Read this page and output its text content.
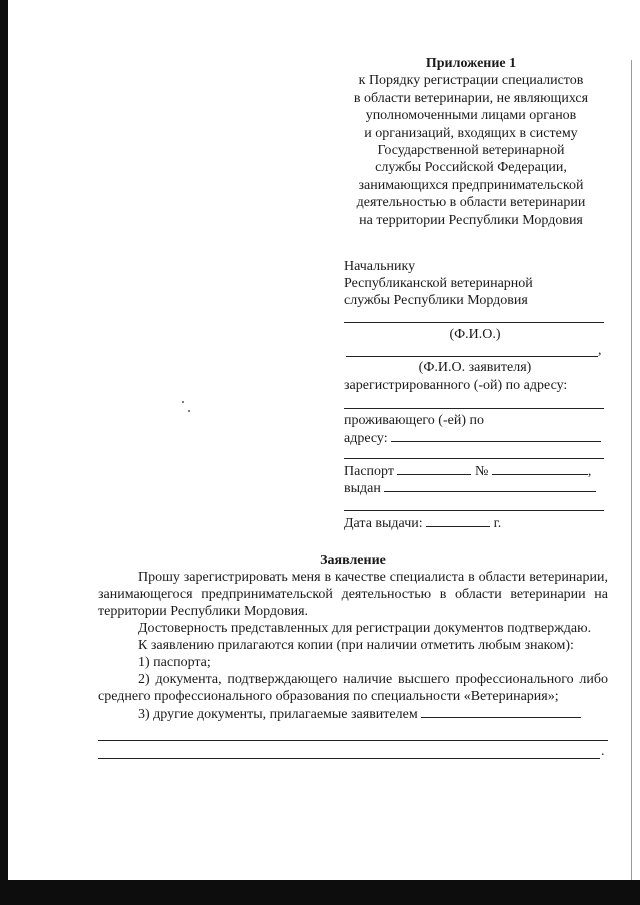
Приложение 1
к Порядку регистрации специалистов
в области ветеринарии, не являющихся
уполномоченными лицами органов
и организаций, входящих в систему
Государственной ветеринарной
службы Российской Федерации,
занимающихся предпринимательской
деятельностью в области ветеринарии
на территории Республики Мордовия
Начальнику
Республиканской ветеринарной
службы Республики Мордовия
(Ф.И.О.)
,
(Ф.И.О. заявителя)
зарегистрированного (-ой) по адресу:
проживающего (-ей) по
адресу:
Паспорт	№	,
выдан
Дата выдачи:	г.
Заявление
Прошу зарегистрировать меня в качестве специалиста в области ветеринарии, занимающегося предпринимательской деятельностью в области ветеринарии на территории Республики Мордовия.
Достоверность представленных для регистрации документов подтверждаю.
К заявлению прилагаются копии (при наличии отметить любым знаком):
1) паспорта;
2) документа, подтверждающего наличие высшего профессионального либо среднего профессионального образования по специальности «Ветеринария»;
3) другие документы, прилагаемые заявителем
.
